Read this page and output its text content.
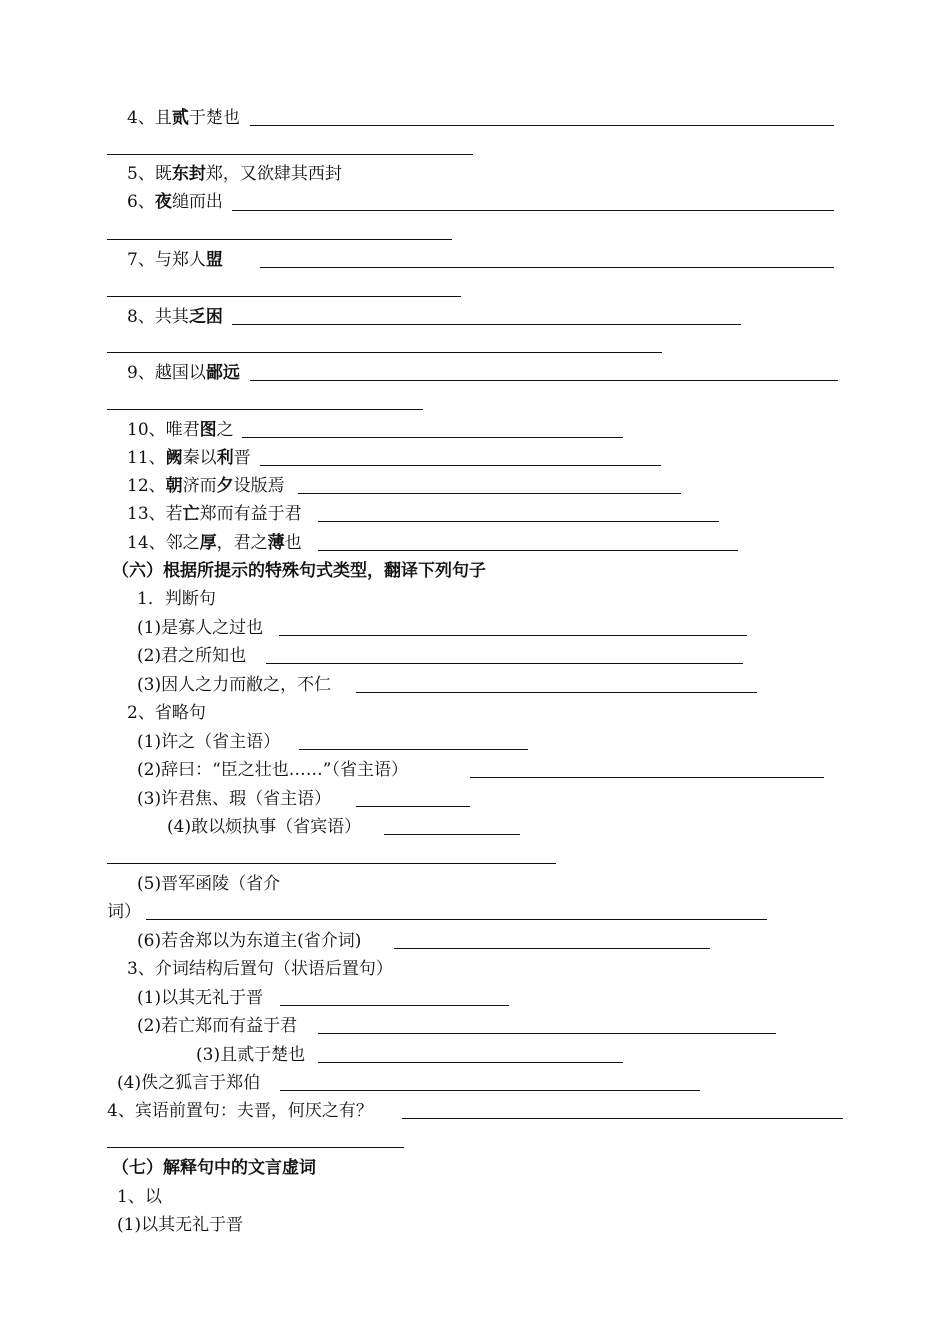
4、且贰于楚也
5、既东封郑，又欲肆其西封
6、夜缒而出
7、与郑人盟
8、共其乏困
9、越国以鄙远
10、唯君图之
11、阙秦以利晋
12、朝济而夕设版焉
13、若亡郑而有益于君
14、邻之厚，君之薄也
（六）根据所提示的特殊句式类型，翻译下列句子
1．判断句
(1)是寡人之过也
(2)君之所知也
(3)因人之力而敝之，不仁
2、省略句
(1)许之（省主语）
(2)辞曰：“臣之壮也……”（省主语）
(3)许君焦、瑕（省主语）
(4)敢以烦执事（省宾语）
(5)晋军函陵（省介
词）
(6)若舍郑以为东道主(省介词)
3、介词结构后置句（状语后置句）
(1)以其无礼于晋
(2)若亡郑而有益于君
(3)且贰于楚也
(4)佚之狐言于郑伯
4、宾语前置句：夫晋，何厌之有？
（七）解释句中的文言虚词
1、以
(1)以其无礼于晋
